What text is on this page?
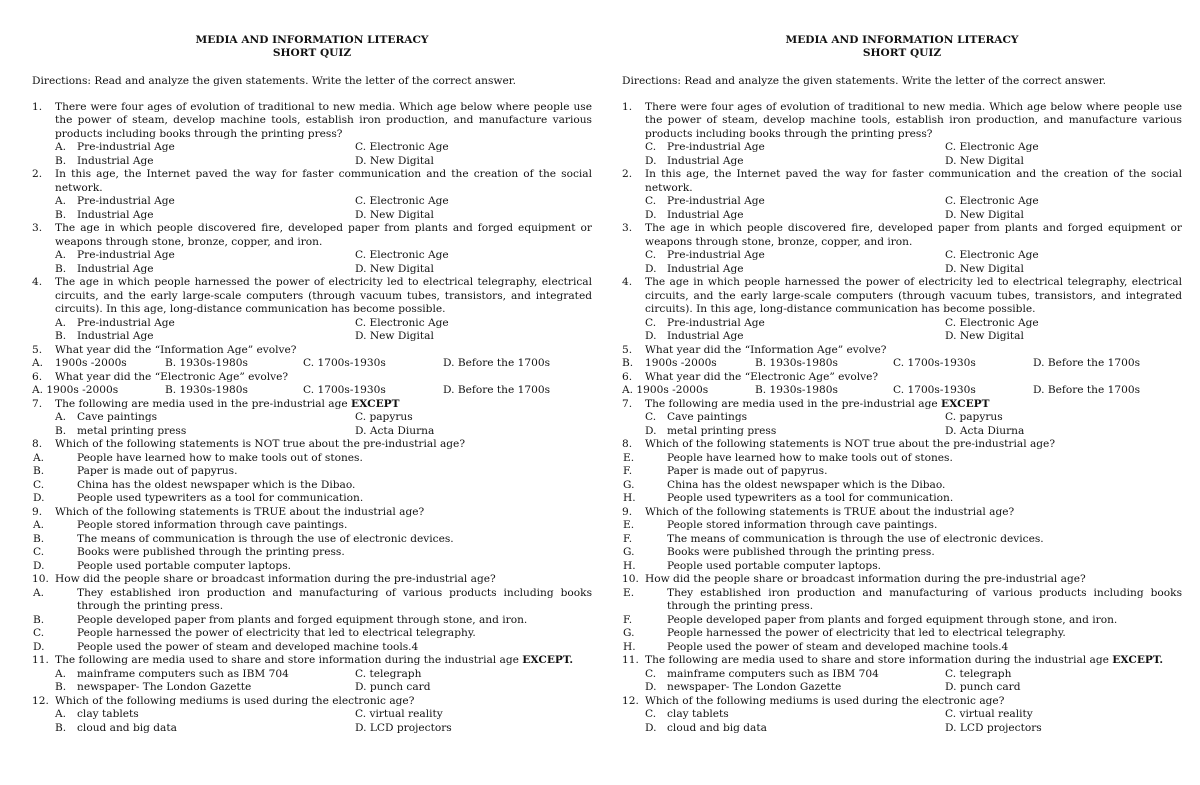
MEDIA AND INFORMATION LITERACY
SHORT QUIZ
Directions: Read and analyze the given statements. Write the letter of the correct answer.
1. There were four ages of evolution of traditional to new media. Which age below where people use the power of steam, develop machine tools, establish iron production, and manufacture various products including books through the printing press?
A. Pre-industrial Age	C. Electronic Age
B. Industrial Age	D. New Digital
2. In this age, the Internet paved the way for faster communication and the creation of the social network.
A. Pre-industrial Age	C. Electronic Age
B. Industrial Age	D. New Digital
3. The age in which people discovered fire, developed paper from plants and forged equipment or weapons through stone, bronze, copper, and iron.
A. Pre-industrial Age	C. Electronic Age
B. Industrial Age	D. New Digital
4. The age in which people harnessed the power of electricity led to electrical telegraphy, electrical circuits, and the early large-scale computers (through vacuum tubes, transistors, and integrated circuits). In this age, long-distance communication has become possible.
A. Pre-industrial Age	C. Electronic Age
B. Industrial Age	D. New Digital
5. What year did the “Information Age” evolve?
A.	1900s -2000s	B. 1930s-1980s	C. 1700s-1930s	D. Before the 1700s
6. What year did the “Electronic Age” evolve?
A. 1900s -2000s	B. 1930s-1980s	C. 1700s-1930s	D. Before the 1700s
7. The following are media used in the pre-industrial age EXCEPT
A. Cave paintings	C. papyrus
B. metal printing press	D. Acta Diurna
8. Which of the following statements is NOT true about the pre-industrial age?
A.	People have learned how to make tools out of stones.
B.	Paper is made out of papyrus.
C.	China has the oldest newspaper which is the Dibao.
D.	People used typewriters as a tool for communication.
9. Which of the following statements is TRUE about the industrial age?
A.	People stored information through cave paintings.
B.	The means of communication is through the use of electronic devices.
C.	Books were published through the printing press.
D.	People used portable computer laptops.
10. How did the people share or broadcast information during the pre-industrial age?
A.	They established iron production and manufacturing of various products including books through the printing press.
B.	People developed paper from plants and forged equipment through stone, and iron.
C.	People harnessed the power of electricity that led to electrical telegraphy.
D.	People used the power of steam and developed machine tools.4
11. The following are media used to share and store information during the industrial age EXCEPT.
A. mainframe computers such as IBM 704	C. telegraph
B. newspaper- The London Gazette	D. punch card
12. Which of the following mediums is used during the electronic age?
A. clay tablets	C. virtual reality
B. cloud and big data	D. LCD projectors
MEDIA AND INFORMATION LITERACY
SHORT QUIZ
Directions: Read and analyze the given statements. Write the letter of the correct answer.
1. There were four ages of evolution of traditional to new media. Which age below where people use the power of steam, develop machine tools, establish iron production, and manufacture various products including books through the printing press?
C. Pre-industrial Age	C. Electronic Age
D. Industrial Age	D. New Digital
2. In this age, the Internet paved the way for faster communication and the creation of the social network.
C. Pre-industrial Age	C. Electronic Age
D. Industrial Age	D. New Digital
3. The age in which people discovered fire, developed paper from plants and forged equipment or weapons through stone, bronze, copper, and iron.
C. Pre-industrial Age	C. Electronic Age
D. Industrial Age	D. New Digital
4. The age in which people harnessed the power of electricity led to electrical telegraphy, electrical circuits, and the early large-scale computers (through vacuum tubes, transistors, and integrated circuits). In this age, long-distance communication has become possible.
C. Pre-industrial Age	C. Electronic Age
D. Industrial Age	D. New Digital
5. What year did the “Information Age” evolve?
B.	1900s -2000s	B. 1930s-1980s	C. 1700s-1930s	D. Before the 1700s
6. What year did the “Electronic Age” evolve?
A. 1900s -2000s	B. 1930s-1980s	C. 1700s-1930s	D. Before the 1700s
7. The following are media used in the pre-industrial age EXCEPT
C. Cave paintings	C. papyrus
D. metal printing press	D. Acta Diurna
8. Which of the following statements is NOT true about the pre-industrial age?
E.	People have learned how to make tools out of stones.
F.	Paper is made out of papyrus.
G.	China has the oldest newspaper which is the Dibao.
H.	People used typewriters as a tool for communication.
9. Which of the following statements is TRUE about the industrial age?
E.	People stored information through cave paintings.
F.	The means of communication is through the use of electronic devices.
G.	Books were published through the printing press.
H.	People used portable computer laptops.
10. How did the people share or broadcast information during the pre-industrial age?
E.	They established iron production and manufacturing of various products including books through the printing press.
F.	People developed paper from plants and forged equipment through stone, and iron.
G.	People harnessed the power of electricity that led to electrical telegraphy.
H.	People used the power of steam and developed machine tools.4
11. The following are media used to share and store information during the industrial age EXCEPT.
C. mainframe computers such as IBM 704	C. telegraph
D. newspaper- The London Gazette	D. punch card
12. Which of the following mediums is used during the electronic age?
C. clay tablets	C. virtual reality
D. cloud and big data	D. LCD projectors
